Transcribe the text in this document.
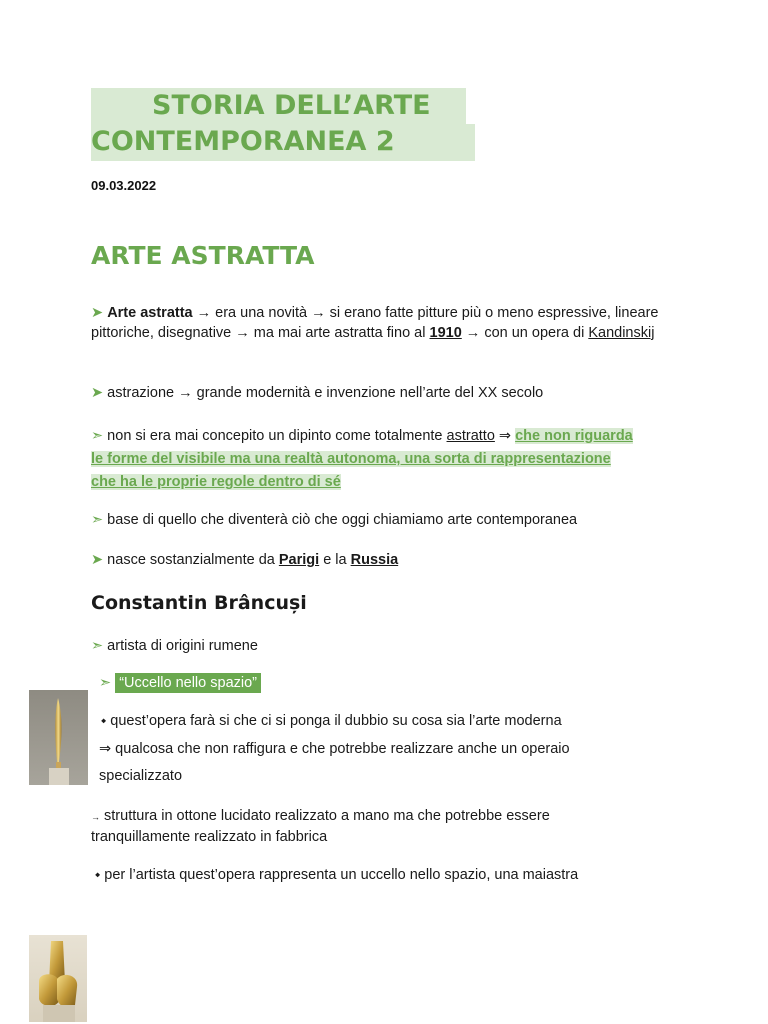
STORIA DELL’ARTE
CONTEMPORANEA 2
09.03.2022
ARTE ASTRATTA
➤ Arte astratta → era una novità → si erano fatte pitture più o meno espressive, lineare pittoriche, disegnative → ma mai arte astratta fino al 1910 → con un opera di Kandinskij
➤ astrazione → grande modernità e invenzione nell’arte del XX secolo
➣ non si era mai concepito un dipinto come totalmente astratto ⇒ che non riguarda le forme del visibile ma una realtà autonoma, una sorta di rappresentazione che ha le proprie regole dentro di sé
➣ base di quello che diventerà ciò che oggi chiamiamo arte contemporanea
➤ nasce sostanzialmente da Parigi e la Russia
Constantin Brâncuși
➣ artista di origini rumene
➣ “Uccello nello spazio”
⬩ quest’opera farà si che ci si ponga il dubbio su cosa sia l’arte moderna
⇒ qualcosa che non raffigura e che potrebbe realizzare anche un operaio
specializzato
→ struttura in ottone lucidato realizzato a mano ma che potrebbe essere tranquillamente realizzato in fabbrica
⬩ per l’artista quest’opera rappresenta un uccello nello spazio, una maiastra
